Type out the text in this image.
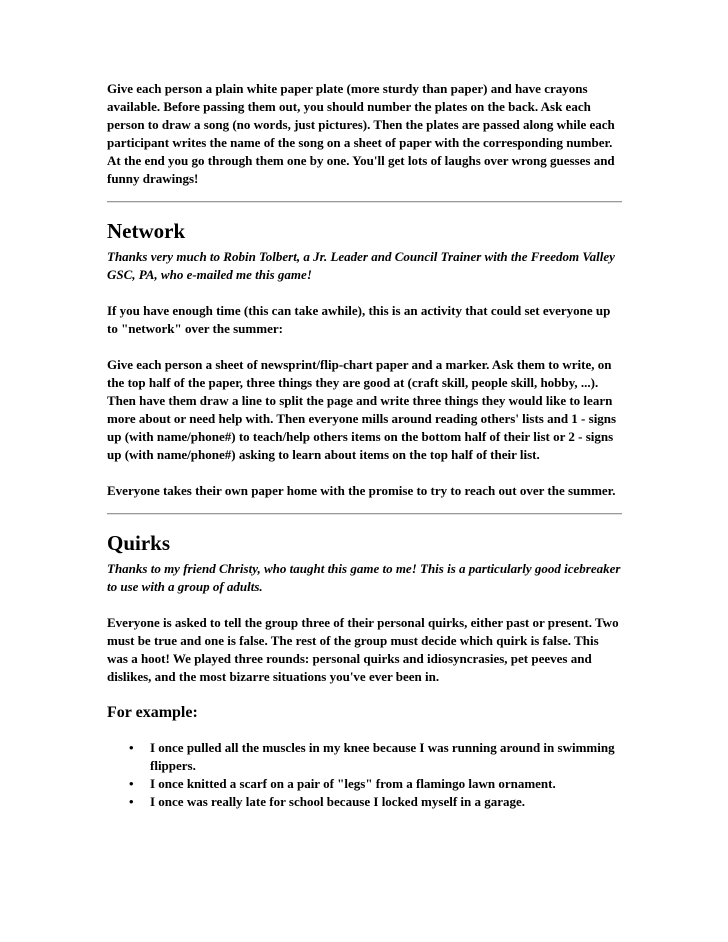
Give each person a plain white paper plate (more sturdy than paper) and have crayons available. Before passing them out, you should number the plates on the back. Ask each person to draw a song (no words, just pictures). Then the plates are passed along while each participant writes the name of the song on a sheet of paper with the corresponding number. At the end you go through them one by one. You'll get lots of laughs over wrong guesses and funny drawings!

Network

Thanks very much to Robin Tolbert, a Jr. Leader and Council Trainer with the Freedom Valley GSC, PA, who e-mailed me this game!

If you have enough time (this can take awhile), this is an activity that could set everyone up to "network" over the summer:

Give each person a sheet of newsprint/flip-chart paper and a marker. Ask them to write, on the top half of the paper, three things they are good at (craft skill, people skill, hobby, ...). Then have them draw a line to split the page and write three things they would like to learn more about or need help with. Then everyone mills around reading others' lists and 1 - signs up (with name/phone#) to teach/help others items on the bottom half of their list or 2 - signs up (with name/phone#) asking to learn about items on the top half of their list.

Everyone takes their own paper home with the promise to try to reach out over the summer.

Quirks

Thanks to my friend Christy, who taught this game to me! This is a particularly good icebreaker to use with a group of adults.

Everyone is asked to tell the group three of their personal quirks, either past or present. Two must be true and one is false. The rest of the group must decide which quirk is false. This was a hoot! We played three rounds: personal quirks and idiosyncrasies, pet peeves and dislikes, and the most bizarre situations you've ever been in.

For example:
• I once pulled all the muscles in my knee because I was running around in swimming flippers.
• I once knitted a scarf on a pair of "legs" from a flamingo lawn ornament.
• I once was really late for school because I locked myself in a garage.
